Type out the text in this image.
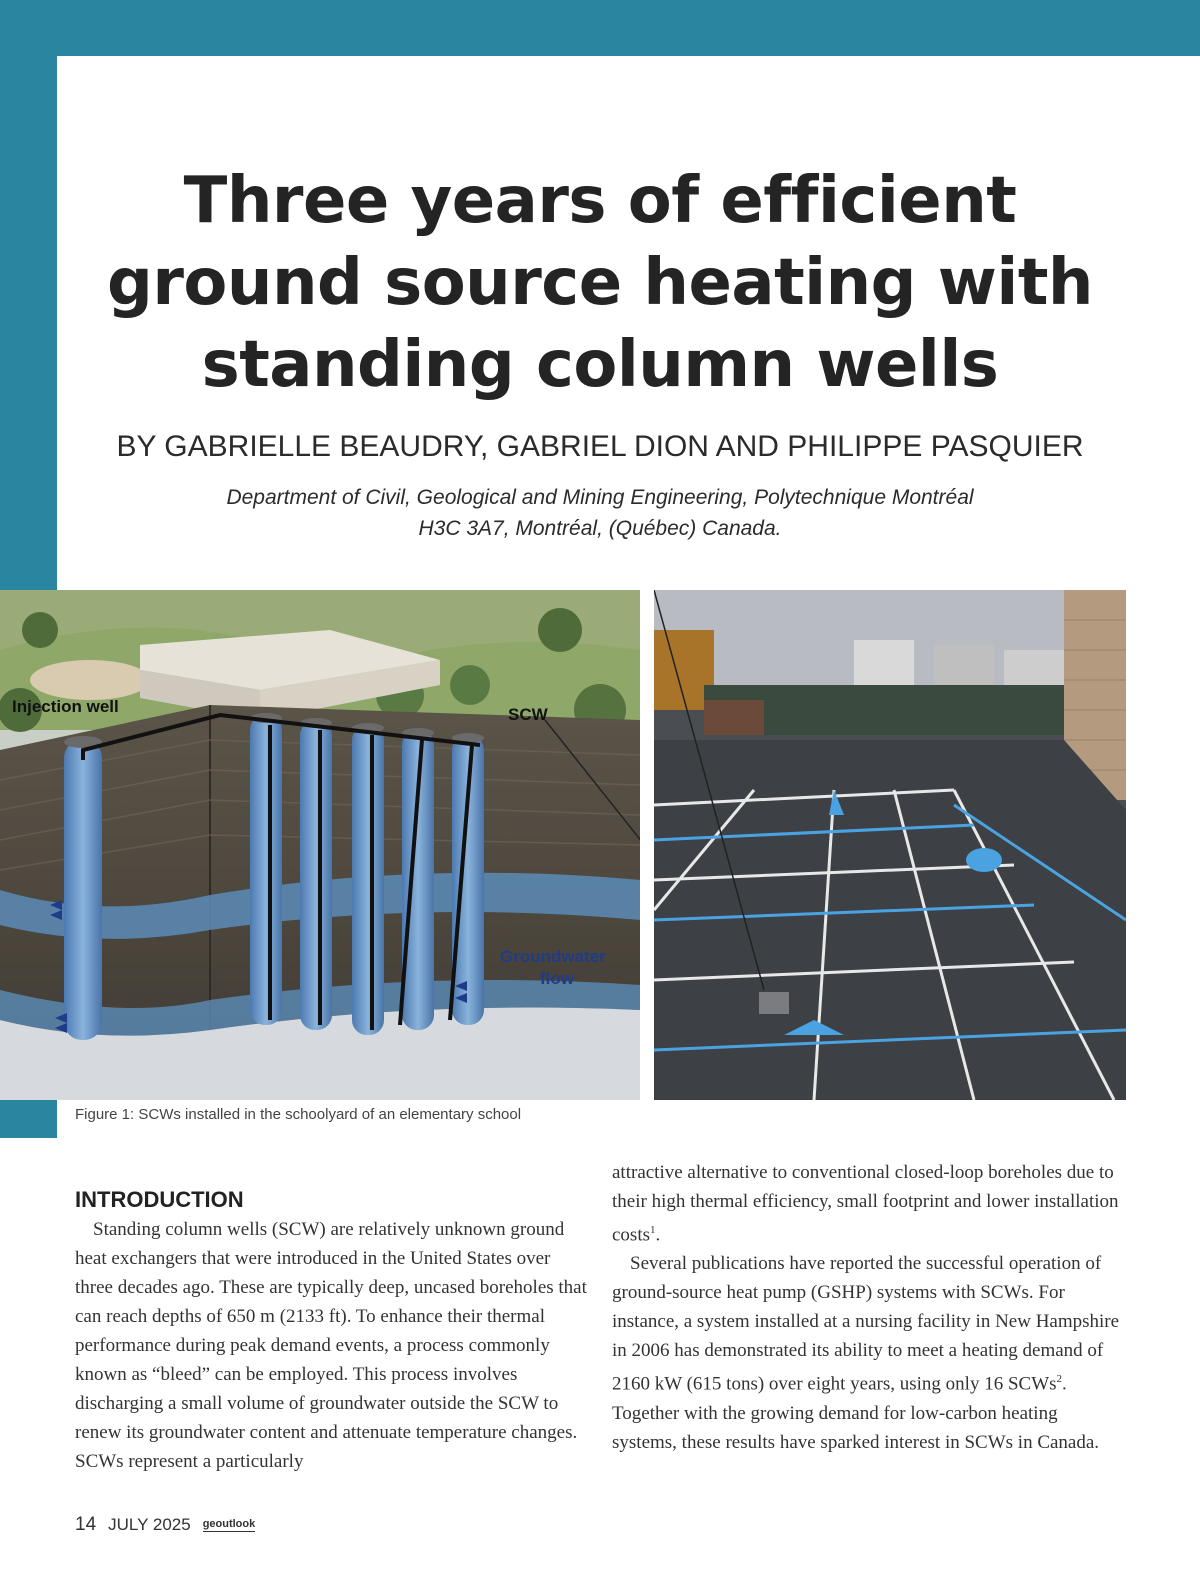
Three years of efficient ground source heating with standing column wells
BY GABRIELLE BEAUDRY, GABRIEL DION AND PHILIPPE PASQUIER
Department of Civil, Geological and Mining Engineering, Polytechnique Montréal
H3C 3A7, Montréal, (Québec) Canada.
Injection well	SCW
Groundwater
flow
Figure 1: SCWs installed in the schoolyard of an elementary school

INTRODUCTION

Standing column wells (SCW) are relatively unknown ground heat exchangers that were introduced in the United States over three decades ago. These are typically deep, uncased boreholes that can reach depths of 650 m (2133 ft). To enhance their thermal performance during peak demand events, a process commonly known as “bleed” can be employed. This process involves discharging a small volume of groundwater outside the SCW to renew its groundwater content and attenuate temperature changes. SCWs represent a particularly

attractive alternative to conventional closed-loop boreholes due to their high thermal efficiency, small footprint and lower installation costs$^1$.

Several publications have reported the successful operation of ground-source heat pump (GSHP) systems with SCWs. For instance, a system installed at a nursing facility in New Hampshire in 2006 has demonstrated its ability to meet a heating demand of 2160 kW (615 tons) over eight years, using only 16 SCWs$^2$. Together with the growing demand for low-carbon heating systems, these results have sparked interest in SCWs in Canada.

14 JULY 2025 geoutlook
